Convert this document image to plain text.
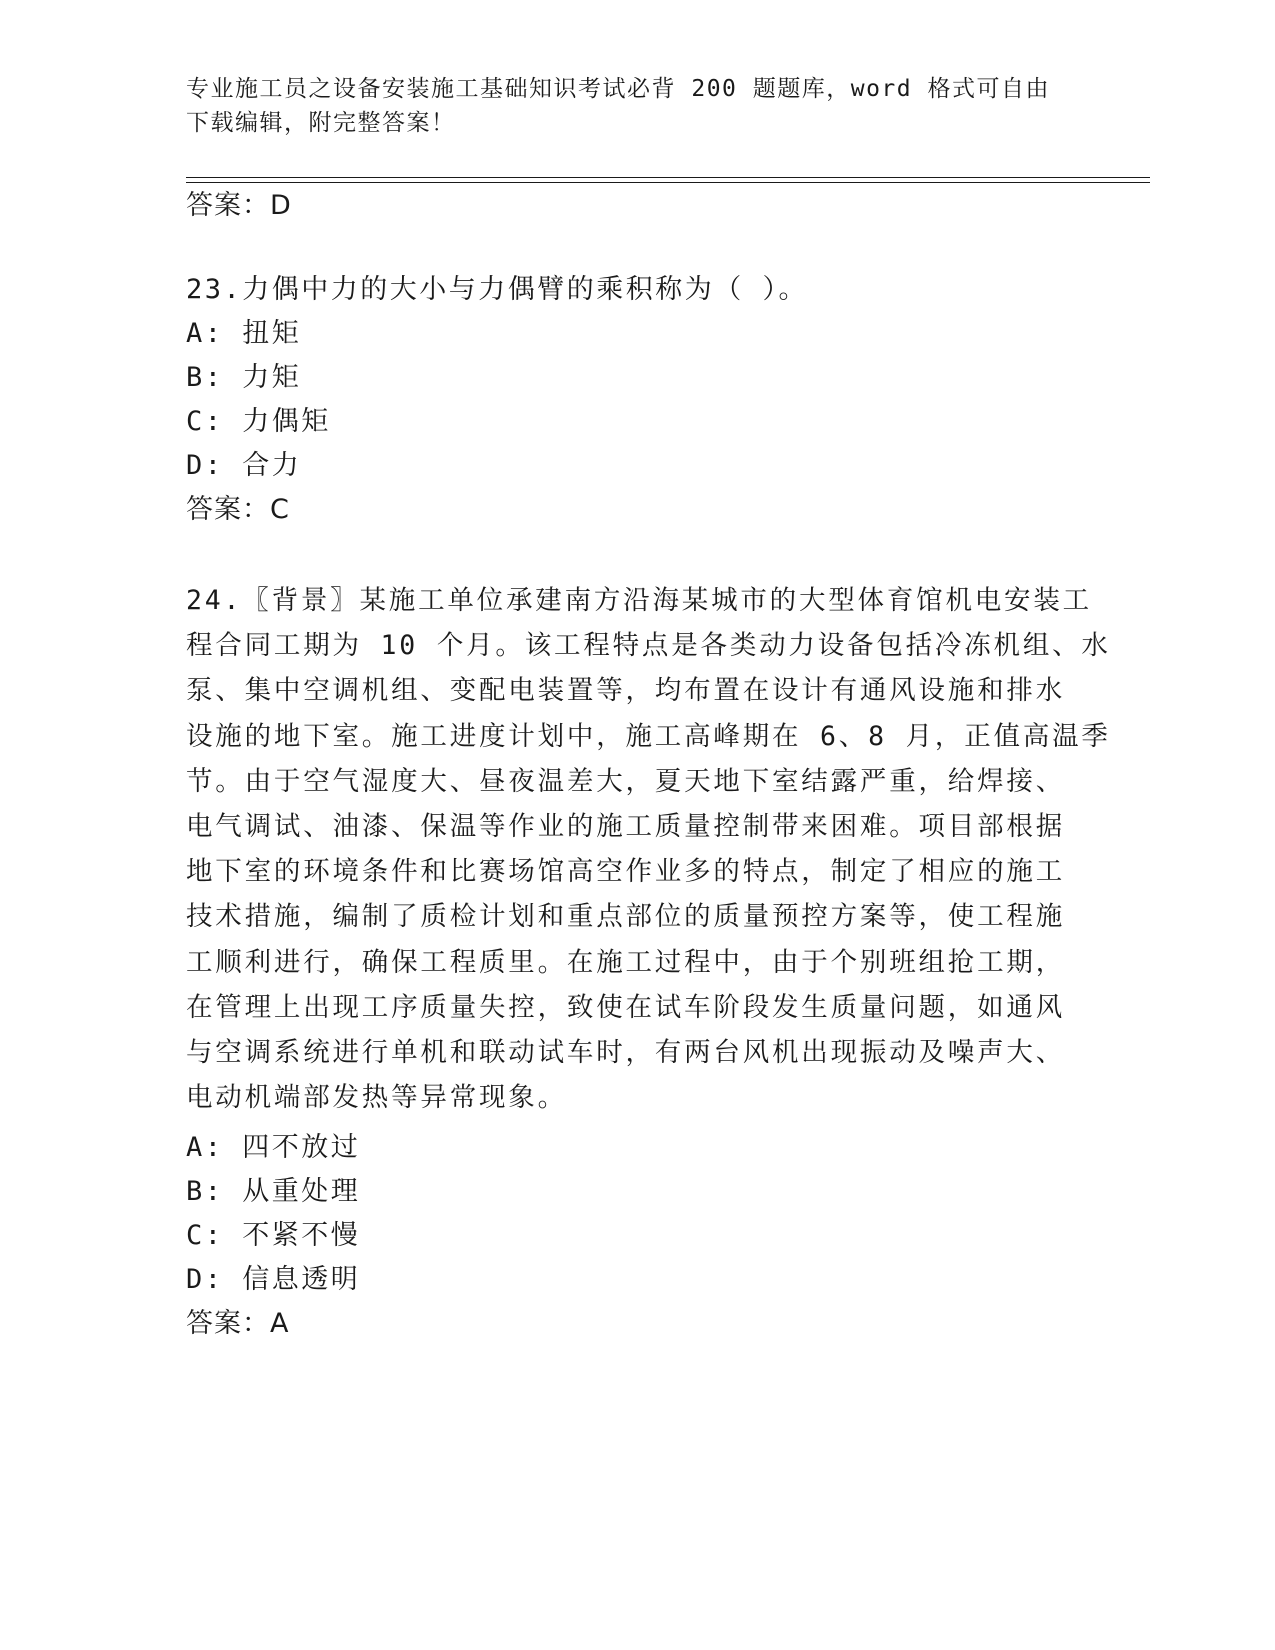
专业施工员之设备安装施工基础知识考试必背 200 题题库，word 格式可自由下载编辑，附完整答案！
答案：D
23.力偶中力的大小与力偶臂的乘积称为（ ）。
A: 扭矩
B: 力矩
C: 力偶矩
D: 合力
答案：C
24.〖背景〗某施工单位承建南方沿海某城市的大型体育馆机电安装工
程合同工期为 10 个月。该工程特点是各类动力设备包括冷冻机组、水
泵、集中空调机组、变配电装置等，均布置在设计有通风设施和排水
设施的地下室。施工进度计划中，施工高峰期在 6、8 月，正值高温季
节。由于空气湿度大、昼夜温差大，夏天地下室结露严重，给焊接、
电气调试、油漆、保温等作业的施工质量控制带来困难。项目部根据
地下室的环境条件和比赛场馆高空作业多的特点，制定了相应的施工
技术措施，编制了质检计划和重点部位的质量预控方案等，使工程施
工顺利进行，确保工程质里。在施工过程中，由于个别班组抢工期，
在管理上出现工序质量失控，致使在试车阶段发生质量问题，如通风
与空调系统进行单机和联动试车时，有两台风机出现振动及噪声大、
电动机端部发热等异常现象。
A: 四不放过
B: 从重处理
C: 不紧不慢
D: 信息透明
答案：A
